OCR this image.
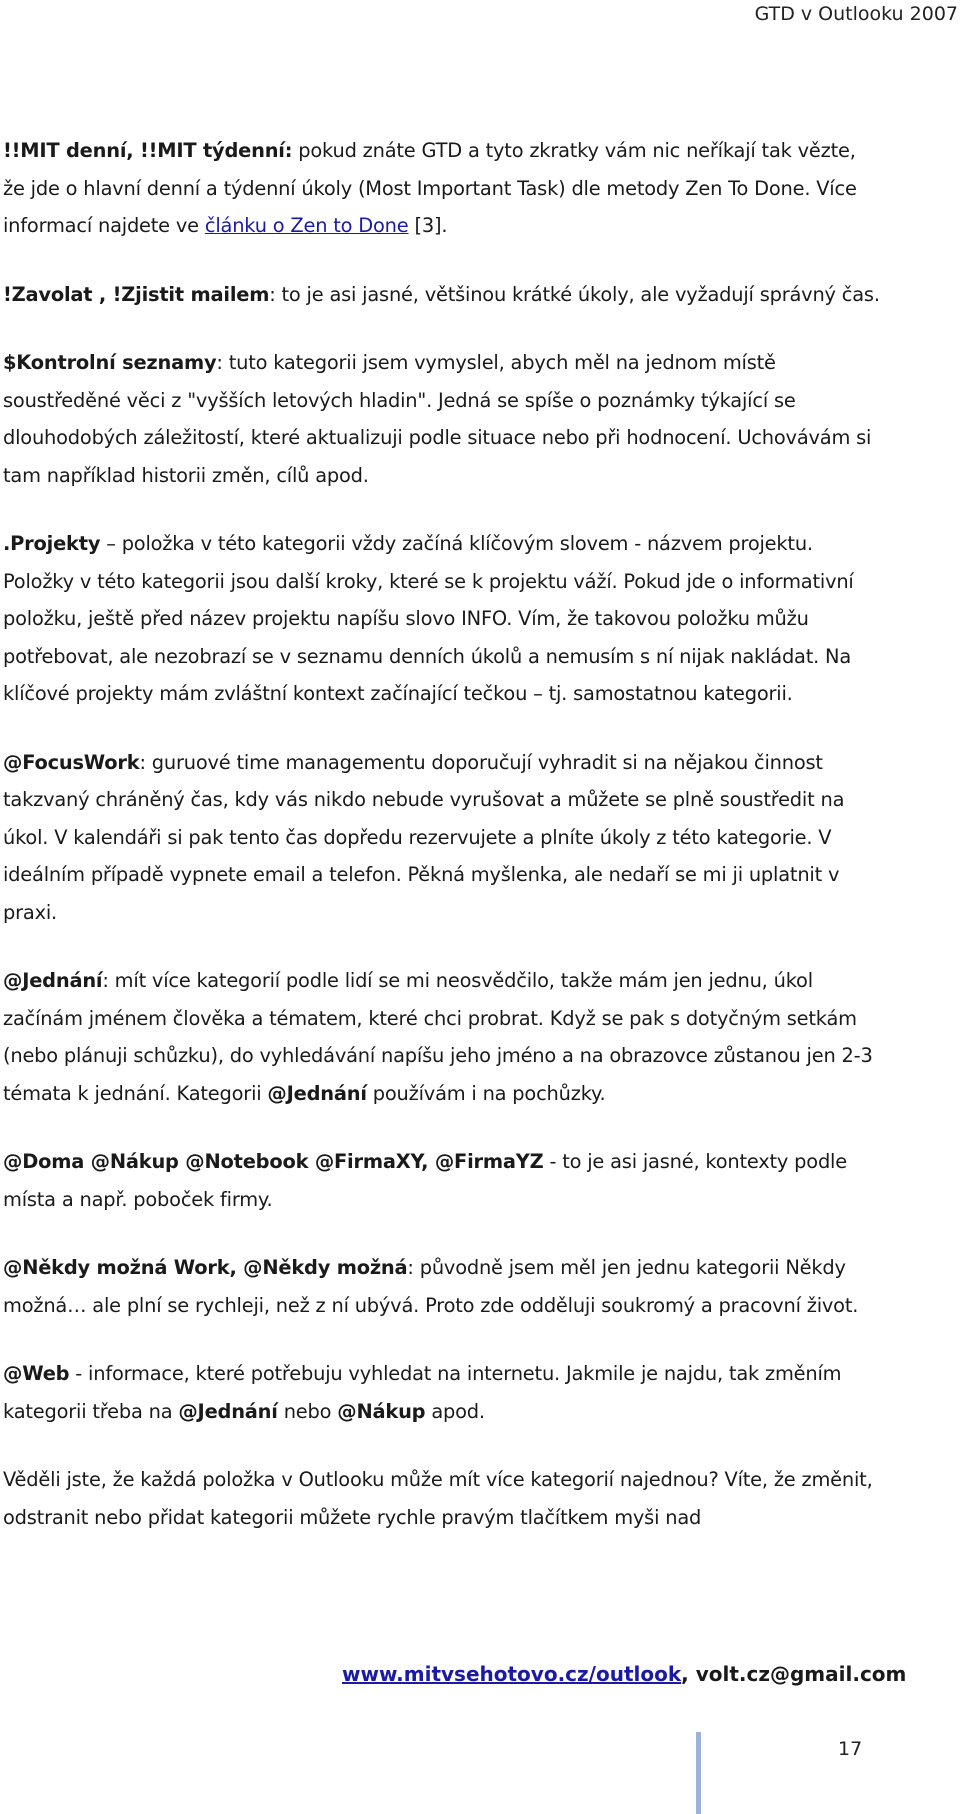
GTD v Outlooku 2007

!!MIT denní, !!MIT týdenní: pokud znáte GTD a tyto zkratky vám nic neříkají tak vězte, že jde o hlavní denní a týdenní úkoly (Most Important Task) dle metody Zen To Done. Více informací najdete ve článku o Zen to Done [3].

!Zavolat , !Zjistit mailem: to je asi jasné, většinou krátké úkoly, ale vyžadují správný čas.

$Kontrolní seznamy: tuto kategorii jsem vymyslel, abych měl na jednom místě soustředěné věci z "vyšších letových hladin". Jedná se spíše o poznámky týkající se dlouhodobých záležitostí, které aktualizuji podle situace nebo při hodnocení. Uchovávám si tam například historii změn, cílů apod.

.Projekty – položka v této kategorii vždy začíná klíčovým slovem - názvem projektu. Položky v této kategorii jsou další kroky, které se k projektu váží. Pokud jde o informativní položku, ještě před název projektu napíšu slovo INFO. Vím, že takovou položku můžu potřebovat, ale nezobrazí se v seznamu denních úkolů a nemusím s ní nijak nakládat. Na klíčové projekty mám zvláštní kontext začínající tečkou – tj. samostatnou kategorii.

@FocusWork: guruové time managementu doporučují vyhradit si na nějakou činnost takzvaný chráněný čas, kdy vás nikdo nebude vyrušovat a můžete se plně soustředit na úkol. V kalendáři si pak tento čas dopředu rezervujete a plníte úkoly z této kategorie. V ideálním případě vypnete email a telefon. Pěkná myšlenka, ale nedaří se mi ji uplatnit v praxi.

@Jednání: mít více kategorií podle lidí se mi neosvědčilo, takže mám jen jednu, úkol začínám jménem člověka a tématem, které chci probrat. Když se pak s dotyčným setkám (nebo plánuji schůzku), do vyhledávání napíšu jeho jméno a na obrazovce zůstanou jen 2-3 témata k jednání. Kategorii @Jednání používám i na pochůzky.

@Doma @Nákup @Notebook @FirmaXY, @FirmaYZ - to je asi jasné, kontexty podle místa a např. poboček firmy.

@Někdy možná Work, @Někdy možná: původně jsem měl jen jednu kategorii Někdy možná… ale plní se rychleji, než z ní ubývá. Proto zde odděluji soukromý a pracovní život.

@Web - informace, které potřebuju vyhledat na internetu. Jakmile je najdu, tak změním kategorii třeba na @Jednání nebo @Nákup apod.

Věděli jste, že každá položka v Outlooku může mít více kategorií najednou? Víte, že změnit, odstranit nebo přidat kategorii můžete rychle pravým tlačítkem myši nad

www.mitvsehotovo.cz/outlook, volt.cz@gmail.com
17
